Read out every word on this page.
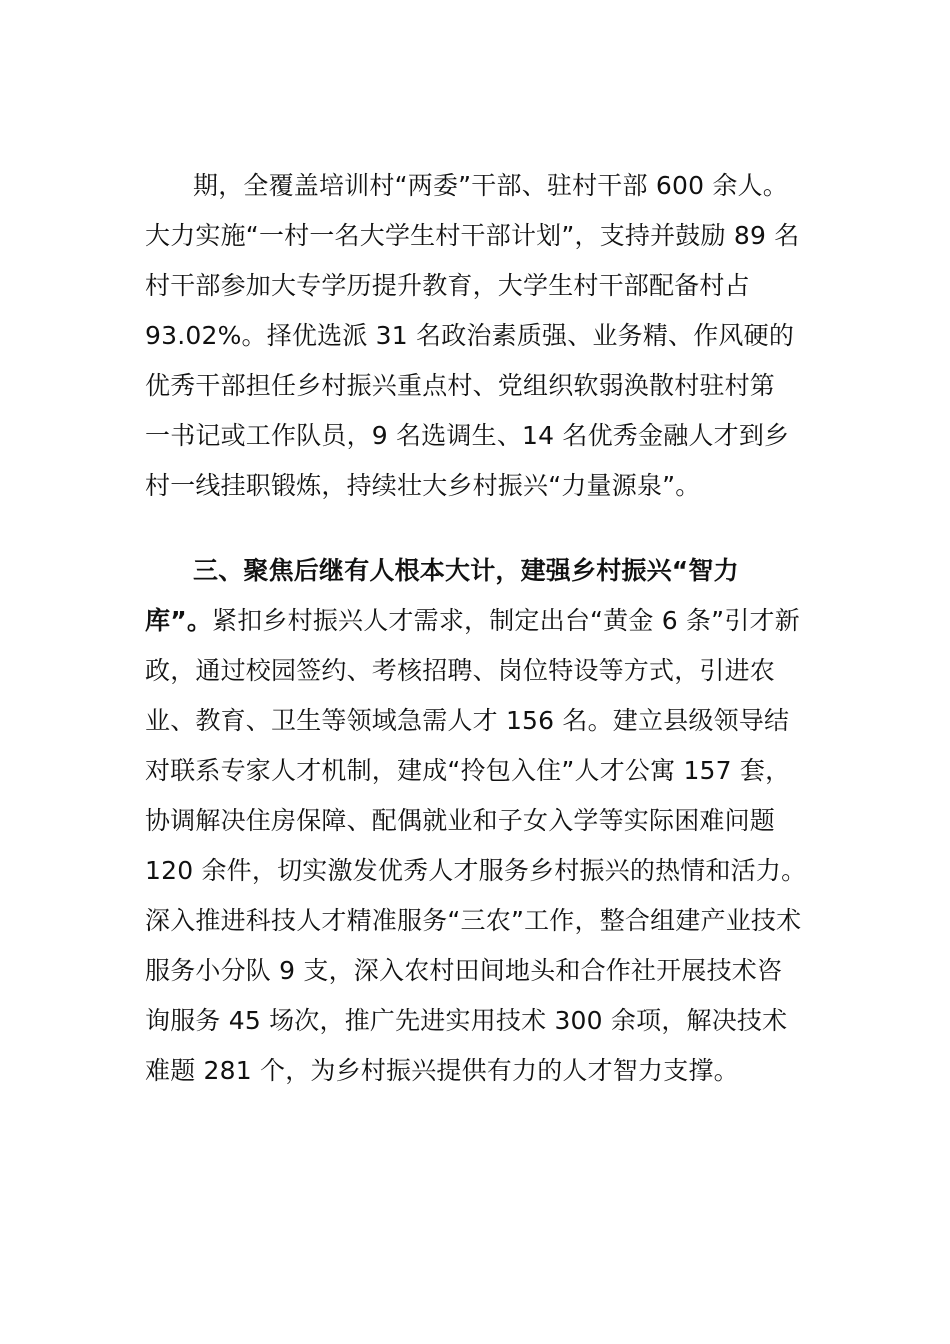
期，全覆盖培训村“两委”干部、驻村干部 600 余人。
大力实施“一村一名大学生村干部计划”，支持并鼓励 89 名
村干部参加大专学历提升教育，大学生村干部配备村占
93.02%。择优选派 31 名政治素质强、业务精、作风硬的
优秀干部担任乡村振兴重点村、党组织软弱涣散村驻村第
一书记或工作队员，9 名选调生、14 名优秀金融人才到乡
村一线挂职锻炼，持续壮大乡村振兴“力量源泉”。
三、聚焦后继有人根本大计，建强乡村振兴“智力
库”。紧扣乡村振兴人才需求，制定出台“黄金 6 条”引才新
政，通过校园签约、考核招聘、岗位特设等方式，引进农
业、教育、卫生等领域急需人才 156 名。建立县级领导结
对联系专家人才机制，建成“拎包入住”人才公寓 157 套，
协调解决住房保障、配偶就业和子女入学等实际困难问题
120 余件，切实激发优秀人才服务乡村振兴的热情和活力。
深入推进科技人才精准服务“三农”工作，整合组建产业技术
服务小分队 9 支，深入农村田间地头和合作社开展技术咨
询服务 45 场次，推广先进实用技术 300 余项，解决技术
难题 281 个，为乡村振兴提供有力的人才智力支撑。
